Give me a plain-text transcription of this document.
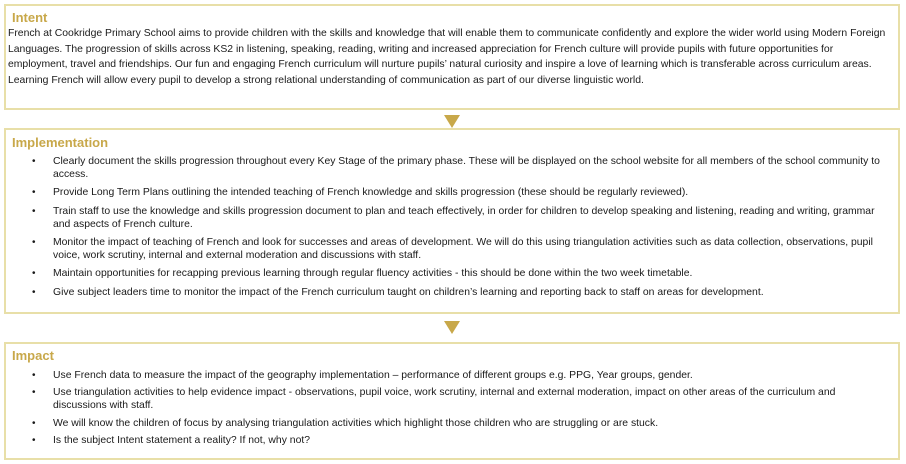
Intent

French at Cookridge Primary School aims to provide children with the skills and knowledge that will enable them to communicate confidently and explore the wider world using Modern Foreign Languages. The progression of skills across KS2 in listening, speaking, reading, writing and increased appreciation for French culture will provide pupils with future opportunities for employment, travel and friendships. Our fun and engaging French curriculum will nurture pupils’ natural curiosity and inspire a love of learning which is transferable across curriculum areas. Learning French will allow every pupil to develop a strong relational understanding of communication as part of our diverse linguistic world.

Implementation
• Clearly document the skills progression throughout every Key Stage of the primary phase. These will be displayed on the school website for all members of the school community to access.
• Provide Long Term Plans outlining the intended teaching of French knowledge and skills progression (these should be regularly reviewed).
• Train staff to use the knowledge and skills progression document to plan and teach effectively, in order for children to develop speaking and listening, reading and writing, grammar and aspects of French culture.
• Monitor the impact of teaching of French and look for successes and areas of development. We will do this using triangulation activities such as data collection, observations, pupil voice, work scrutiny, internal and external moderation and discussions with staff.
• Maintain opportunities for recapping previous learning through regular fluency activities - this should be done within the two week timetable.
• Give subject leaders time to monitor the impact of the French curriculum taught on children’s learning and reporting back to staff on areas for development.
Impact
• Use French data to measure the impact of the geography implementation – performance of different groups e.g. PPG, Year groups, gender.
• Use triangulation activities to help evidence impact - observations, pupil voice, work scrutiny, internal and external moderation, impact on other areas of the curriculum and discussions with staff.
• We will know the children of focus by analysing triangulation activities which highlight those children who are struggling or are stuck.
• Is the subject Intent statement a reality? If not, why not?
